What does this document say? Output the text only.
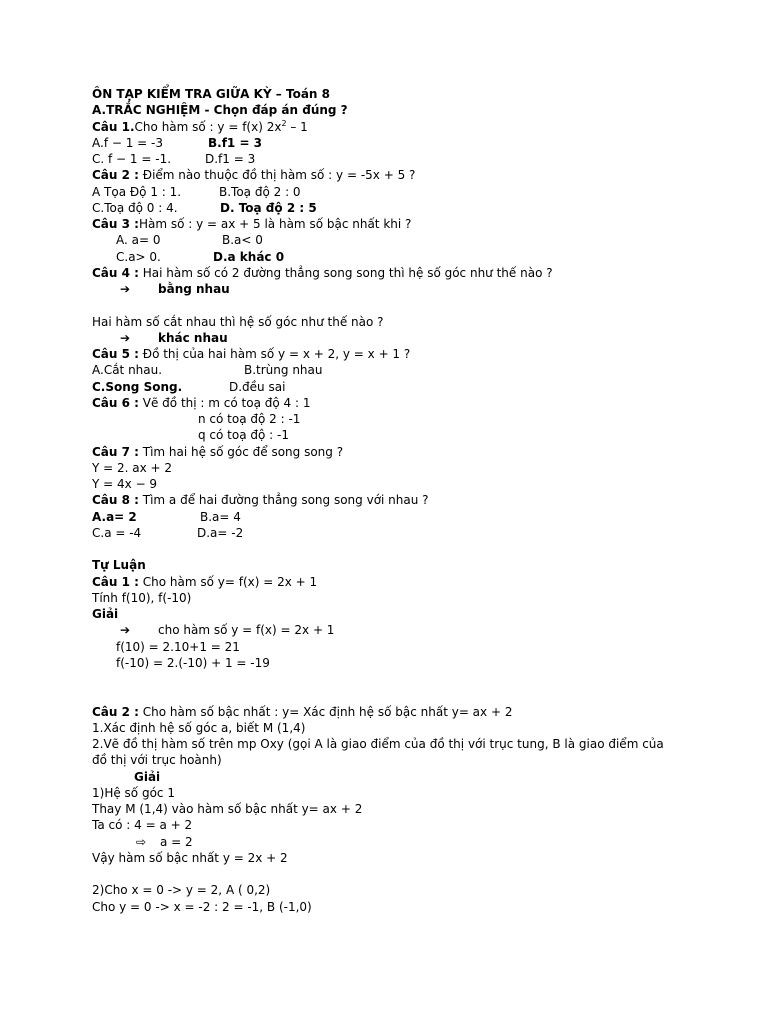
ÔN TẠP KIỂM TRA GIỮA KỲ – Toán 8
A.TRẮC NGHIỆM - Chọn đáp án đúng ?
Câu 1.Cho hàm số : y = f(x) $2x^2 - 1$
A.f − 1 = -3	B.f1 = 3
C. f − 1 = -1.	D.f1 = 3
Câu 2 : Điểm nào thuộc đồ thị hàm số : y = -5x + 5 ?
A Tọa Độ 1 : 1.	B.Toạ độ 2 : 0
C.Toạ độ 0 : 4.	D. Toạ độ 2 : 5
Câu 3 :Hàm số : y = ax + 5 là hàm số bậc nhất khi ?
A. a= 0	B.a< 0
C.a> 0.	D.a khác 0
Câu 4 : Hai hàm số có 2 đường thẳng song song thì hệ số góc như thế nào ?
➔ bằng nhau
Hai hàm số cắt nhau thì hệ số góc như thế nào ?
➔ khác nhau
Câu 5 : Đồ thị của hai hàm số y = x + 2, y = x + 1 ?
A.Cắt nhau.	B.trùng nhau
C.Song Song.	D.đều sai
Câu 6 : Vẽ đồ thị : m có toạ độ 4 : 1
n có toạ độ 2 : -1
q có toạ độ : -1
Câu 7 : Tìm hai hệ số góc để song song ?
Y = 2. ax + 2
Y = 4x − 9
Câu 8 : Tìm a để hai đường thẳng song song với nhau ?
A.a= 2	B.a= 4
C.a = -4	D.a= -2
Tự Luận
Câu 1 : Cho hàm số y= f(x) = 2x + 1
Tính f(10), f(-10)
Giải
➔ cho hàm số y = f(x) = 2x + 1
f(10) = 2.10+1 = 21
f(-10) = 2.(-10) + 1 = -19
Câu 2 : Cho hàm số bậc nhất : y= Xác định hệ số bậc nhất y= ax + 2
1.Xác định hệ số góc a, biết M (1,4)
2.Vẽ đồ thị hàm số trên mp Oxy (gọi A là giao điểm của đồ thị với trục tung, B là giao điểm của đồ thị với trục hoành)
Giải
1)Hệ số góc 1
Thay M (1,4) vào hàm số bậc nhất y= ax + 2
Ta có : 4 = a + 2
⇨ a = 2
Vậy hàm số bậc nhất y = 2x + 2
2)Cho x = 0 -> y = 2, A ( 0,2)
Cho y = 0 -> x = -2 : 2 = -1, B (-1,0)
